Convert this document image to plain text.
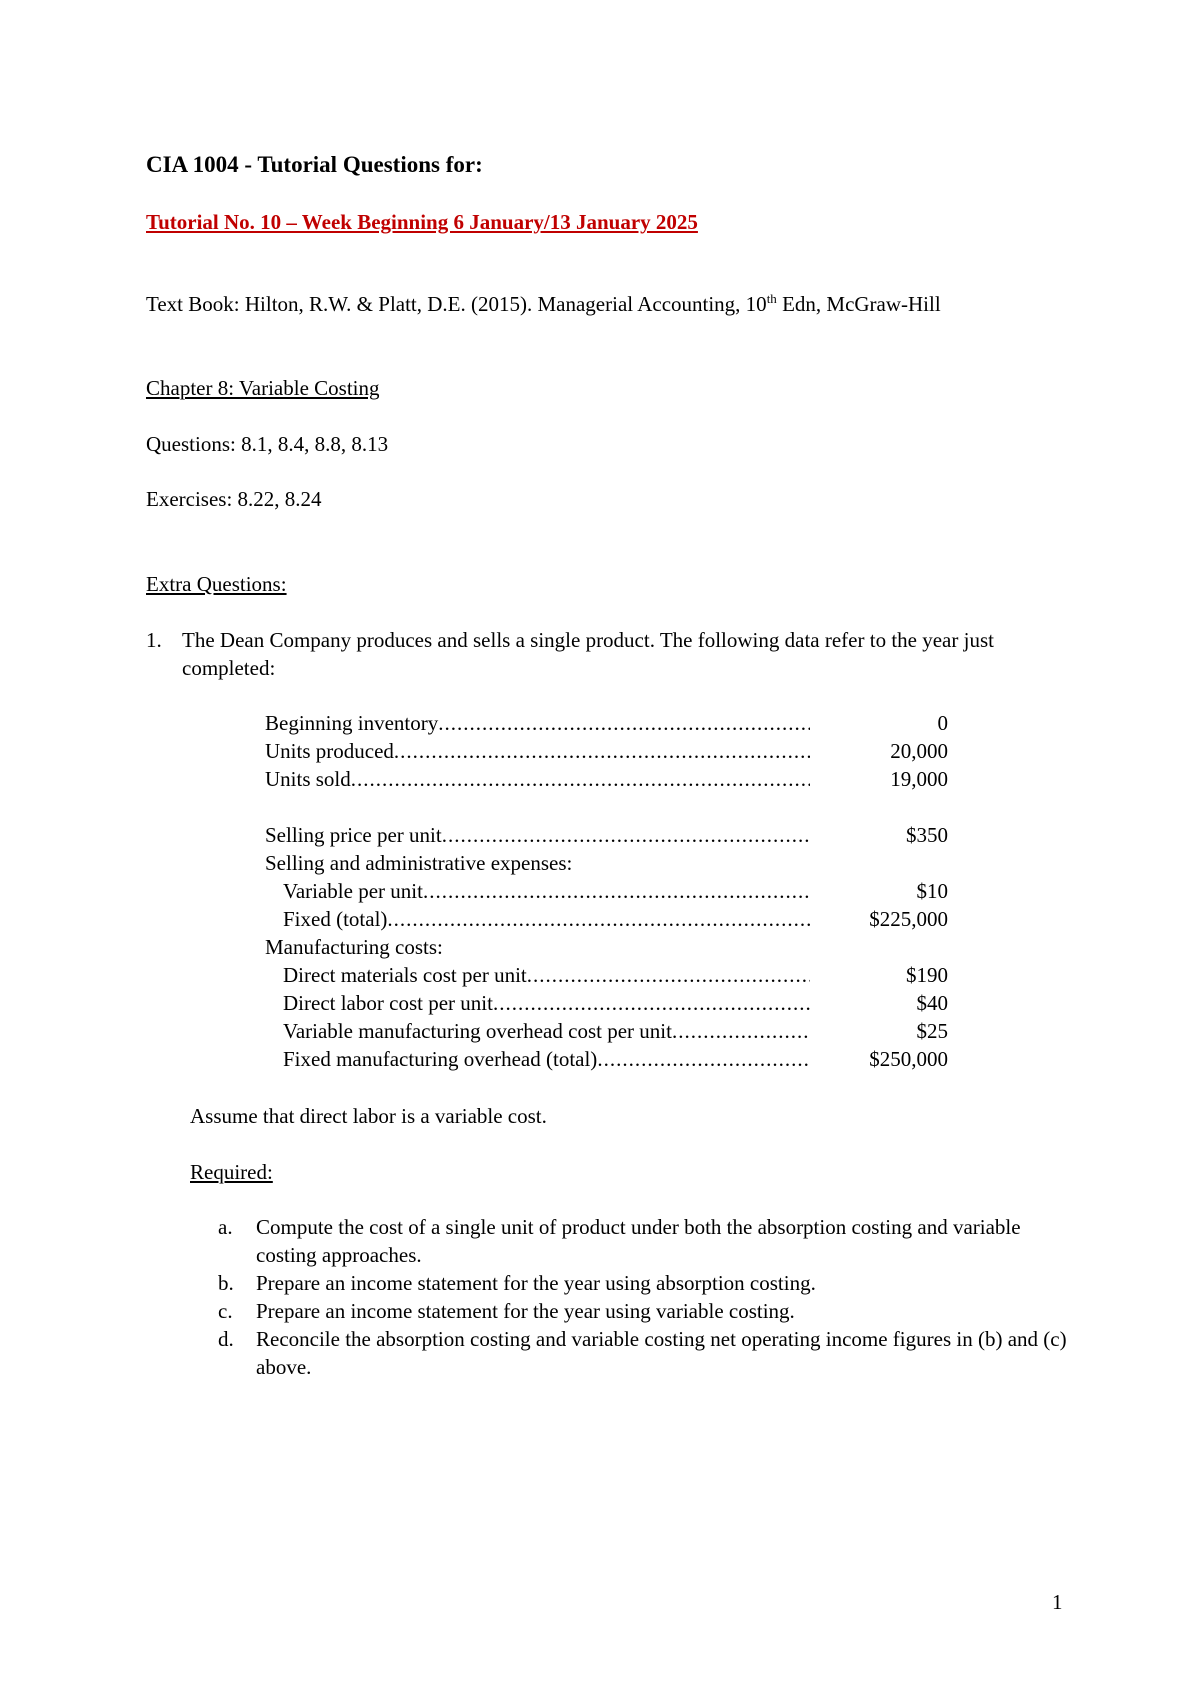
CIA 1004 - Tutorial Questions for:
Tutorial No. 10 – Week Beginning 6 January/13 January 2025
Text Book: Hilton, R.W. & Platt, D.E. (2015). Managerial Accounting, 10th Edn, McGraw-Hill
Chapter 8: Variable Costing
Questions: 8.1, 8.4, 8.8, 8.13
Exercises: 8.22, 8.24
Extra Questions:
1. The Dean Company produces and sells a single product. The following data refer to the year just completed:
Beginning inventory .....	0

Units produced .....	20,000

Units sold .....	19,000

Selling price per unit .....	$350

Selling and administrative expenses:	

Variable per unit .....	$10

Fixed (total) .....	$225,000

Manufacturing costs:	

Direct materials cost per unit .....	$190

Direct labor cost per unit .....	$40

Variable manufacturing overhead cost per unit .....	$25

Fixed manufacturing overhead (total) .....	$250,000
Assume that direct labor is a variable cost.
Required:
a. Compute the cost of a single unit of product under both the absorption costing and variable costing approaches.
b. Prepare an income statement for the year using absorption costing.
c. Prepare an income statement for the year using variable costing.
d. Reconcile the absorption costing and variable costing net operating income figures in (b) and (c) above.
1
